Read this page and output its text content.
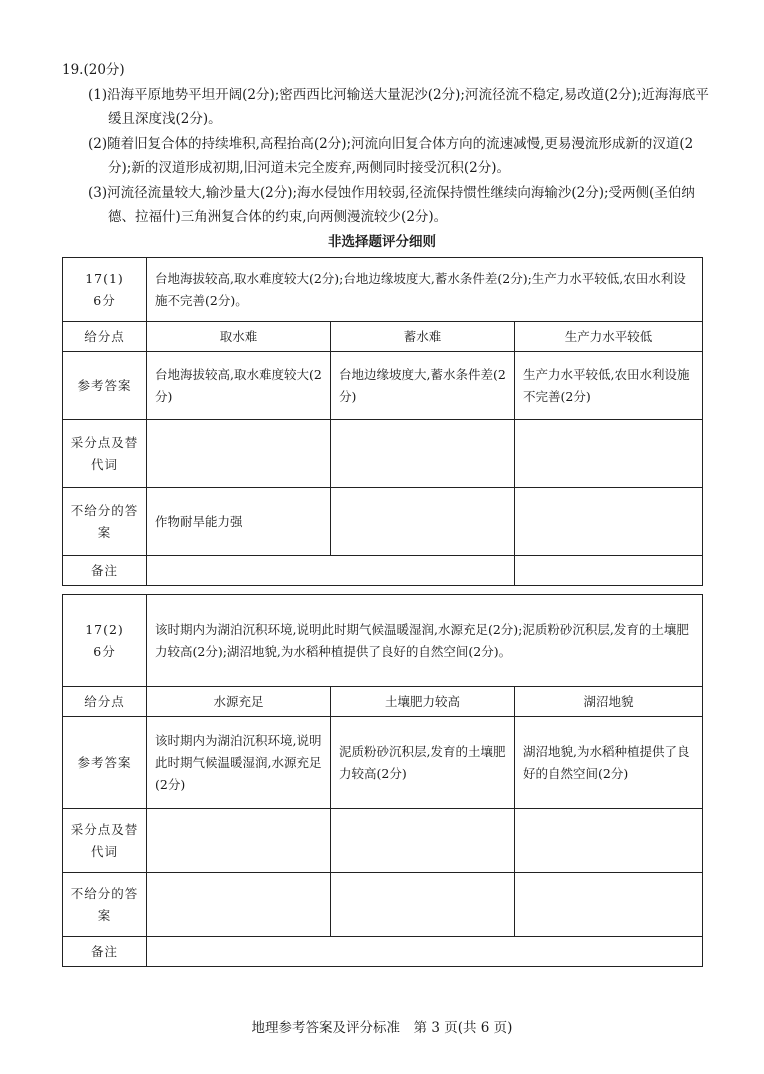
19.(20分)

(1)沿海平原地势平坦开阔(2分);密西西比河输送大量泥沙(2分);河流径流不稳定,易改道(2分);近海海底平缓且深度浅(2分)。

(2)随着旧复合体的持续堆积,高程抬高(2分);河流向旧复合体方向的流速减慢,更易漫流形成新的汊道(2分);新的汊道形成初期,旧河道未完全废弃,两侧同时接受沉积(2分)。

(3)河流径流量较大,输沙量大(2分);海水侵蚀作用较弱,径流保持惯性继续向海输沙(2分);受两侧(圣伯纳德、拉福什)三角洲复合体的约束,向两侧漫流较少(2分)。

非选择题评分细则
17(1)
6分	台地海拔较高,取水难度较大(2分);台地边缘坡度大,蓄水条件差(2分);生产力水平较低,农田水利设施不完善(2分)。		
给分点	取水难	蓄水难	生产力水平较低
参考答案	台地海拔较高,取水难度较大(2分)	台地边缘坡度大,蓄水条件差(2分)	生产力水平较低,农田水利设施不完善(2分)
采分点及替代词			
不给分的答案	作物耐旱能力强		
备注			
17(2)
6分	该时期内为湖泊沉积环境,说明此时期气候温暖湿润,水源充足(2分);泥质粉砂沉积层,发育的土壤肥力较高(2分);湖沼地貌,为水稻种植提供了良好的自然空间(2分)。		
给分点	水源充足	土壤肥力较高	湖沼地貌
参考答案	该时期内为湖泊沉积环境,说明此时期气候温暖湿润,水源充足(2分)	泥质粉砂沉积层,发育的土壤肥力较高(2分)	湖沼地貌,为水稻种植提供了良好的自然空间(2分)
采分点及替代词			
不给分的答案			
备注			
地理参考答案及评分标准　第 3 页(共 6 页)
